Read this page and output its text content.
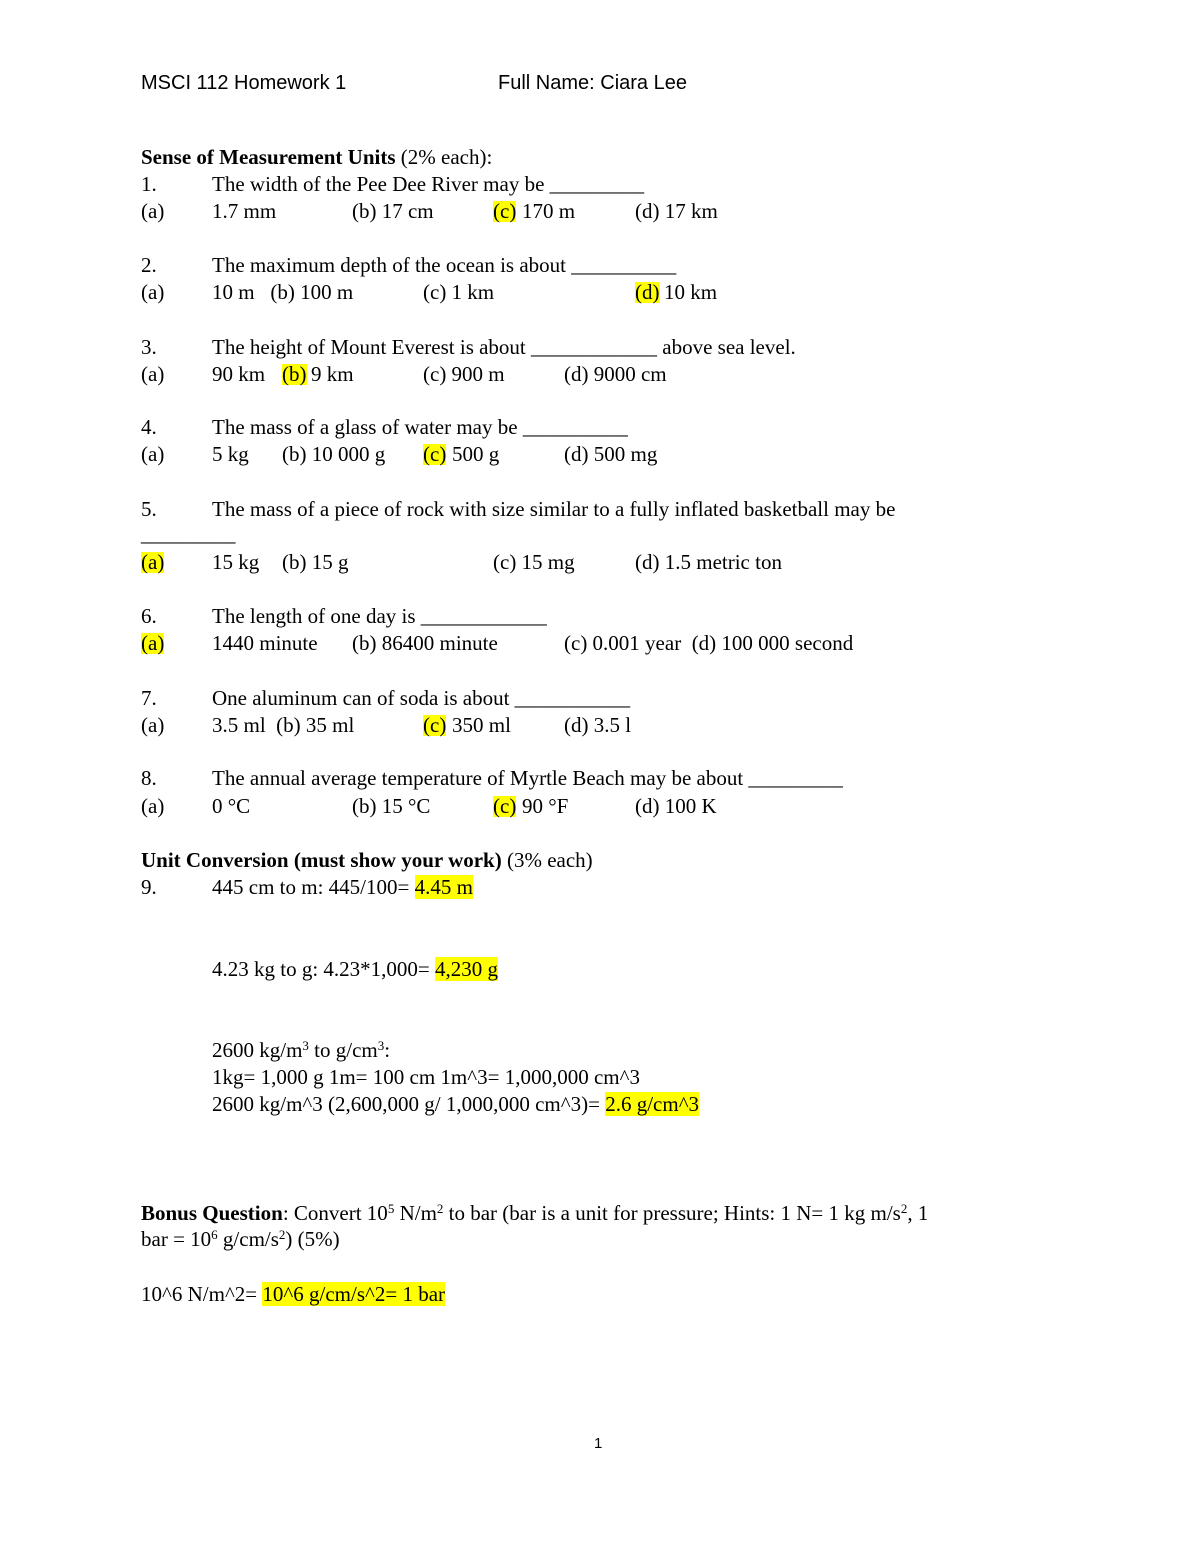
MSCI 112 Homework 1	Full Name: Ciara Lee
Sense of Measurement Units (2% each):
1.	The width of the Pee Dee River may be _________
(a) 1.7 mm	(b) 17 cm	(c) 170 m	(d) 17 km
2.	The maximum depth of the ocean is about __________
(a) 10 m   (b) 100 m	(c) 1 km	(d) 10 km
3.	The height of Mount Everest is about ____________ above sea level.
(a) 90 km (b) 9 km	(c) 900 m	(d) 9000 cm
4.	The mass of a glass of water may be __________
(a) 5 kg (b) 10 000 g (c) 500 g	(d) 500 mg
5.	The mass of a piece of rock with size similar to a fully inflated basketball may be
_________
(a) 15 kg (b) 15 g	(c) 15 mg	(d) 1.5 metric ton
6.	The length of one day is ____________
(a) 1440 minute (b) 86400 minute	(c) 0.001 year  (d) 100 000 second
7.	One aluminum can of soda is about ___________
(a) 3.5 ml  (b) 35 ml	(c) 350 ml	(d) 3.5 l
8.	The annual average temperature of Myrtle Beach may be about _________
(a) 0 °C	(b) 15 °C	(c) 90 °F	(d) 100 K
Unit Conversion (must show your work) (3% each)
9.	445 cm to m: 445/100= 4.45 m
4.23 kg to g: 4.23*1,000= 4,230 g
2600 $kg/m^3$ to $g/cm^3$:
1kg= 1,000 g 1m= 100 cm 1m^3= 1,000,000 cm^3
2600 kg/m^3 (2,600,000 g/ 1,000,000 cm^3)= 2.6 g/cm^3
Bonus Question: Convert $10^5$ $N/m^2$ to bar (bar is a unit for pressure; Hints: 1 N= 1 kg $m/s^2$, 1
bar = $10^6$ $g/cm/s^2$) (5%)
10^6 N/m^2= 10^6 g/cm/s^2= 1 bar
1
